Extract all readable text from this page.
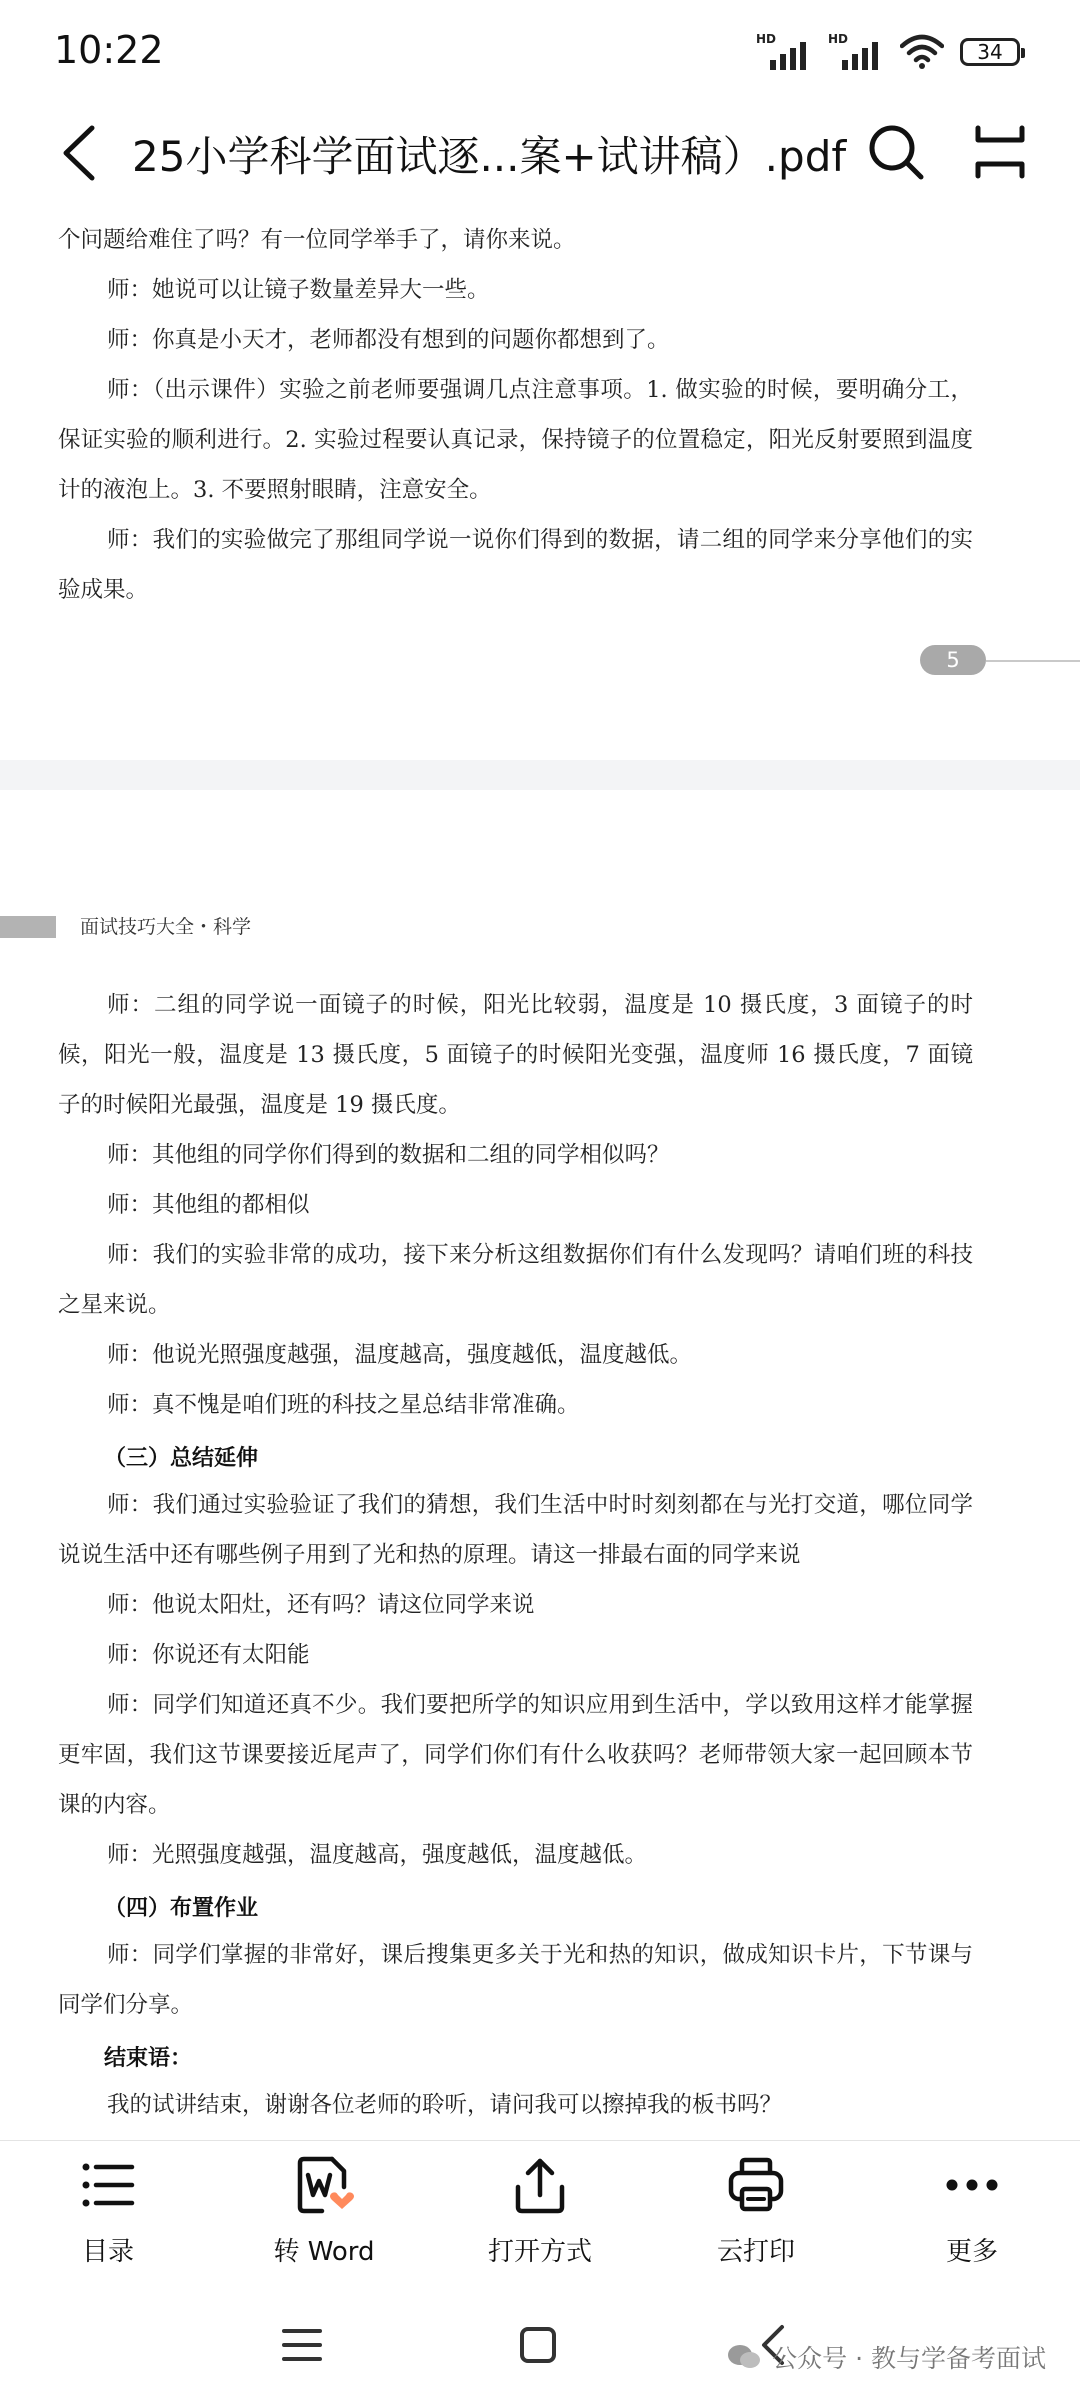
10:22	HD	HD
34
25小学科学面试逐...案+试讲稿）.pdf
个问题给难住了吗？有一位同学举手了，请你来说。
师：她说可以让镜子数量差异大一些。
师：你真是小天才，老师都没有想到的问题你都想到了。
师：（出示课件）实验之前老师要强调几点注意事项。1. 做实验的时候，要明确分工，保证实验的顺利进行。2. 实验过程要认真记录，保持镜子的位置稳定，阳光反射要照到温度计的液泡上。3. 不要照射眼睛，注意安全。
师：我们的实验做完了那组同学说一说你们得到的数据，请二组的同学来分享他们的实验成果。
5
面试技巧大全・科学
师：二组的同学说一面镜子的时候，阳光比较弱，温度是 10 摄氏度，3 面镜子的时候，阳光一般，温度是 13 摄氏度，5 面镜子的时候阳光变强，温度师 16 摄氏度，7 面镜子的时候阳光最强，温度是 19 摄氏度。
师：其他组的同学你们得到的数据和二组的同学相似吗？
师：其他组的都相似
师：我们的实验非常的成功，接下来分析这组数据你们有什么发现吗？请咱们班的科技之星来说。
师：他说光照强度越强，温度越高，强度越低，温度越低。
师：真不愧是咱们班的科技之星总结非常准确。
（三）总结延伸
师：我们通过实验验证了我们的猜想，我们生活中时时刻刻都在与光打交道，哪位同学说说生活中还有哪些例子用到了光和热的原理。请这一排最右面的同学来说
师：他说太阳灶，还有吗？请这位同学来说
师：你说还有太阳能
师：同学们知道还真不少。我们要把所学的知识应用到生活中，学以致用这样才能掌握更牢固，我们这节课要接近尾声了，同学们你们有什么收获吗？老师带领大家一起回顾本节课的内容。
师：光照强度越强，温度越高，强度越低，温度越低。
（四）布置作业
师：同学们掌握的非常好，课后搜集更多关于光和热的知识，做成知识卡片，下节课与同学们分享。
结束语：
我的试讲结束，谢谢各位老师的聆听，请问我可以擦掉我的板书吗？
目录	转 Word	打开方式	云打印	更多
公众号 · 教与学备考面试
